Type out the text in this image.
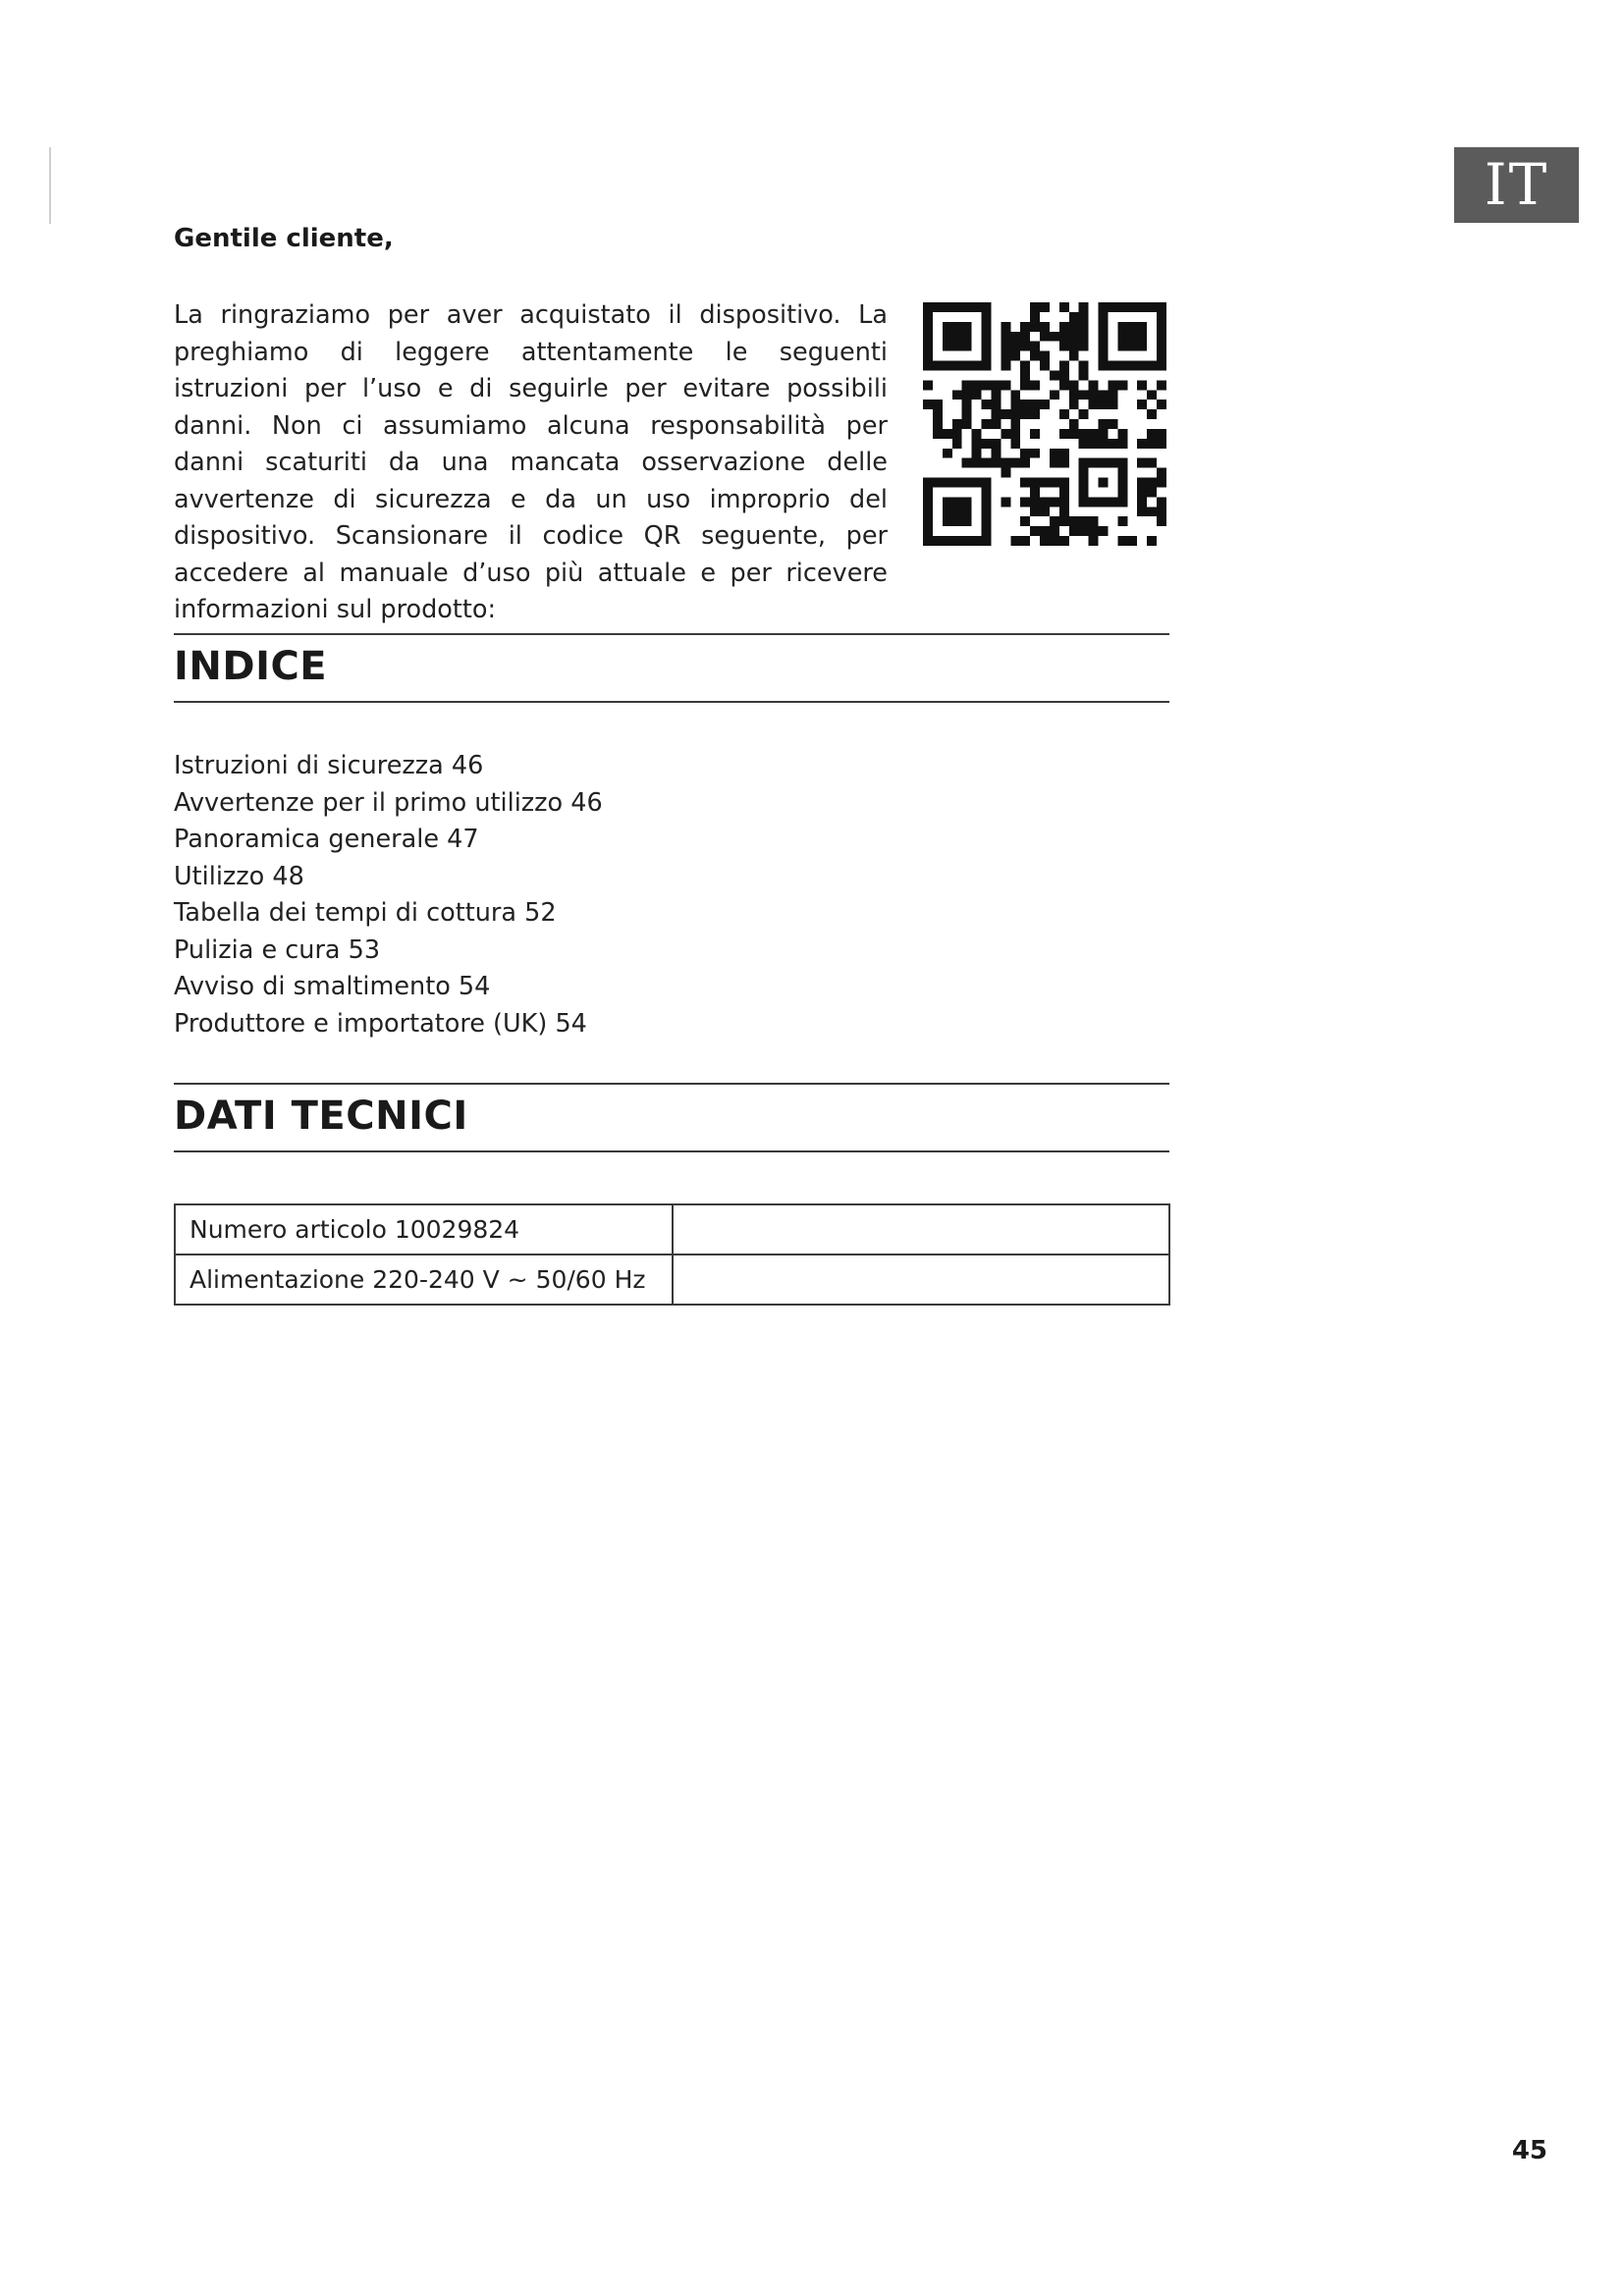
IT
Gentile cliente,

La ringraziamo per aver acquistato il dispositivo. La preghiamo di leggere attentamente le seguenti istruzioni per l’uso e di seguirle per evitare possibili danni. Non ci assumiamo alcuna responsabilità per danni scaturiti da una mancata osservazione delle avvertenze di sicurezza e da un uso improprio del dispositivo. Scansionare il codice QR seguente, per accedere al manuale d’uso più attuale e per ricevere informazioni sul prodotto:

INDICE
Istruzioni di sicurezza 46
Avvertenze per il primo utilizzo 46
Panoramica generale 47
Utilizzo 48
Tabella dei tempi di cottura 52
Pulizia e cura 53
Avviso di smaltimento 54
Produttore e importatore (UK) 54
DATI TECNICI
Numero articolo 10029824	
Alimentazione 220-240 V ~ 50/60 Hz	
45
